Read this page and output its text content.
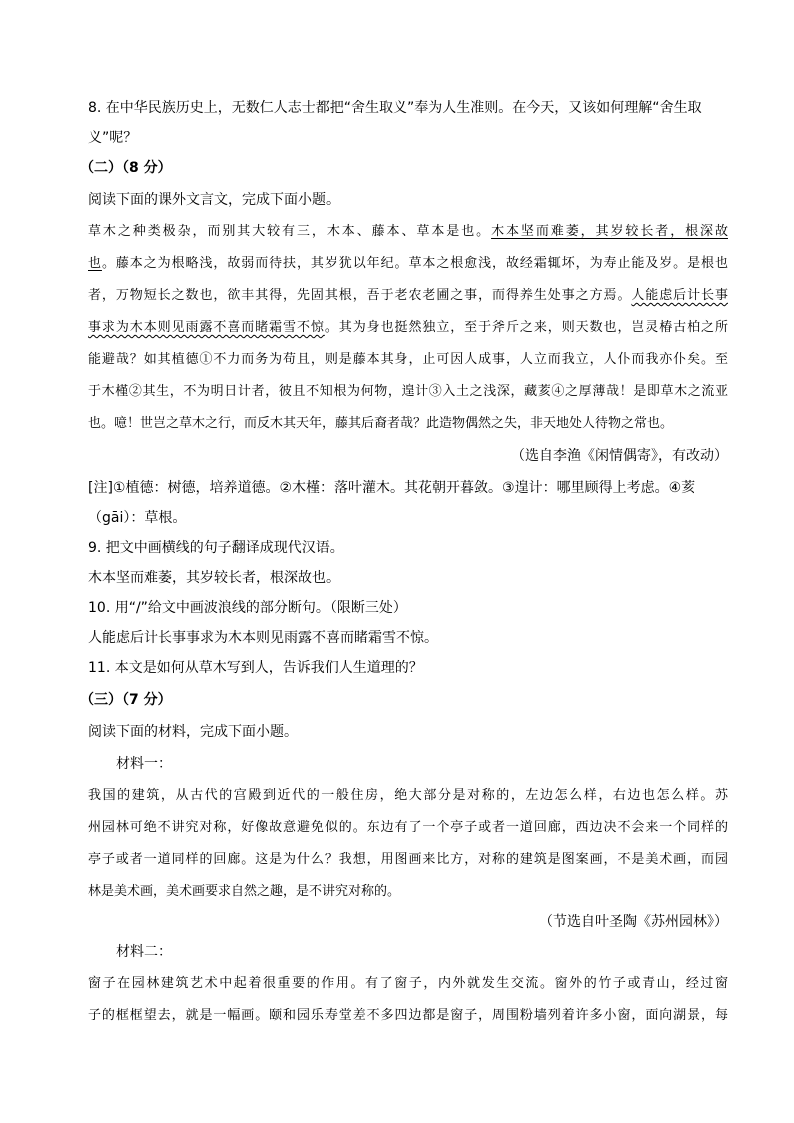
8. 在中华民族历史上，无数仁人志士都把“舍生取义”奉为人生准则。在今天，又该如何理解“舍生取
义”呢？
（二）（8 分）
阅读下面的课外文言文，完成下面小题。
草木之种类极杂，而别其大较有三，木本、藤本、草本是也。木本坚而难萎，其岁较长者，根深故
也。藤本之为根略浅，故弱而待扶，其岁犹以年纪。草本之根愈浅，故经霜辄坏，为寿止能及岁。是根也
者，万物短长之数也，欲丰其得，先固其根，吾于老农老圃之事，而得养生处事之方焉。人能虑后计长事
事求为木本则见雨露不喜而睹霜雪不惊。其为身也挺然独立，至于斧斤之来，则天数也，岂灵椿古柏之所
能避哉？如其植德①不力而务为苟且，则是藤本其身，止可因人成事，人立而我立，人仆而我亦仆矣。至
于木槿②其生，不为明日计者，彼且不知根为何物，遑计③入土之浅深，藏荄④之厚薄哉！是即草木之流亚
也。噫！世岂之草木之行，而反木其天年，藤其后裔者哉？此造物偶然之失，非天地处人待物之常也。
（选自李渔《闲情偶寄》，有改动）
[注]①植德：树德，培养道德。②木槿：落叶灌木。其花朝开暮敛。③遑计：哪里顾得上考虑。④荄
（gāi）：草根。
9. 把文中画横线的句子翻译成现代汉语。
木本坚而难萎，其岁较长者，根深故也。
10. 用“/”给文中画波浪线的部分断句。（限断三处）
人能虑后计长事事求为木本则见雨露不喜而睹霜雪不惊。
11. 本文是如何从草木写到人，告诉我们人生道理的？
（三）（7 分）
阅读下面的材料，完成下面小题。
材料一：
我国的建筑，从古代的宫殿到近代的一般住房，绝大部分是对称的，左边怎么样，右边也怎么样。苏
州园林可绝不讲究对称，好像故意避免似的。东边有了一个亭子或者一道回廊，西边决不会来一个同样的
亭子或者一道同样的回廊。这是为什么？我想，用图画来比方，对称的建筑是图案画，不是美术画，而园
林是美术画，美术画要求自然之趣，是不讲究对称的。
（节选自叶圣陶《苏州园林》）
材料二：
窗子在园林建筑艺术中起着很重要的作用。有了窗子，内外就发生交流。窗外的竹子或青山，经过窗
子的框框望去，就是一幅画。颐和园乐寿堂差不多四边都是窗子，周围粉墙列着许多小窗，面向湖景，每
